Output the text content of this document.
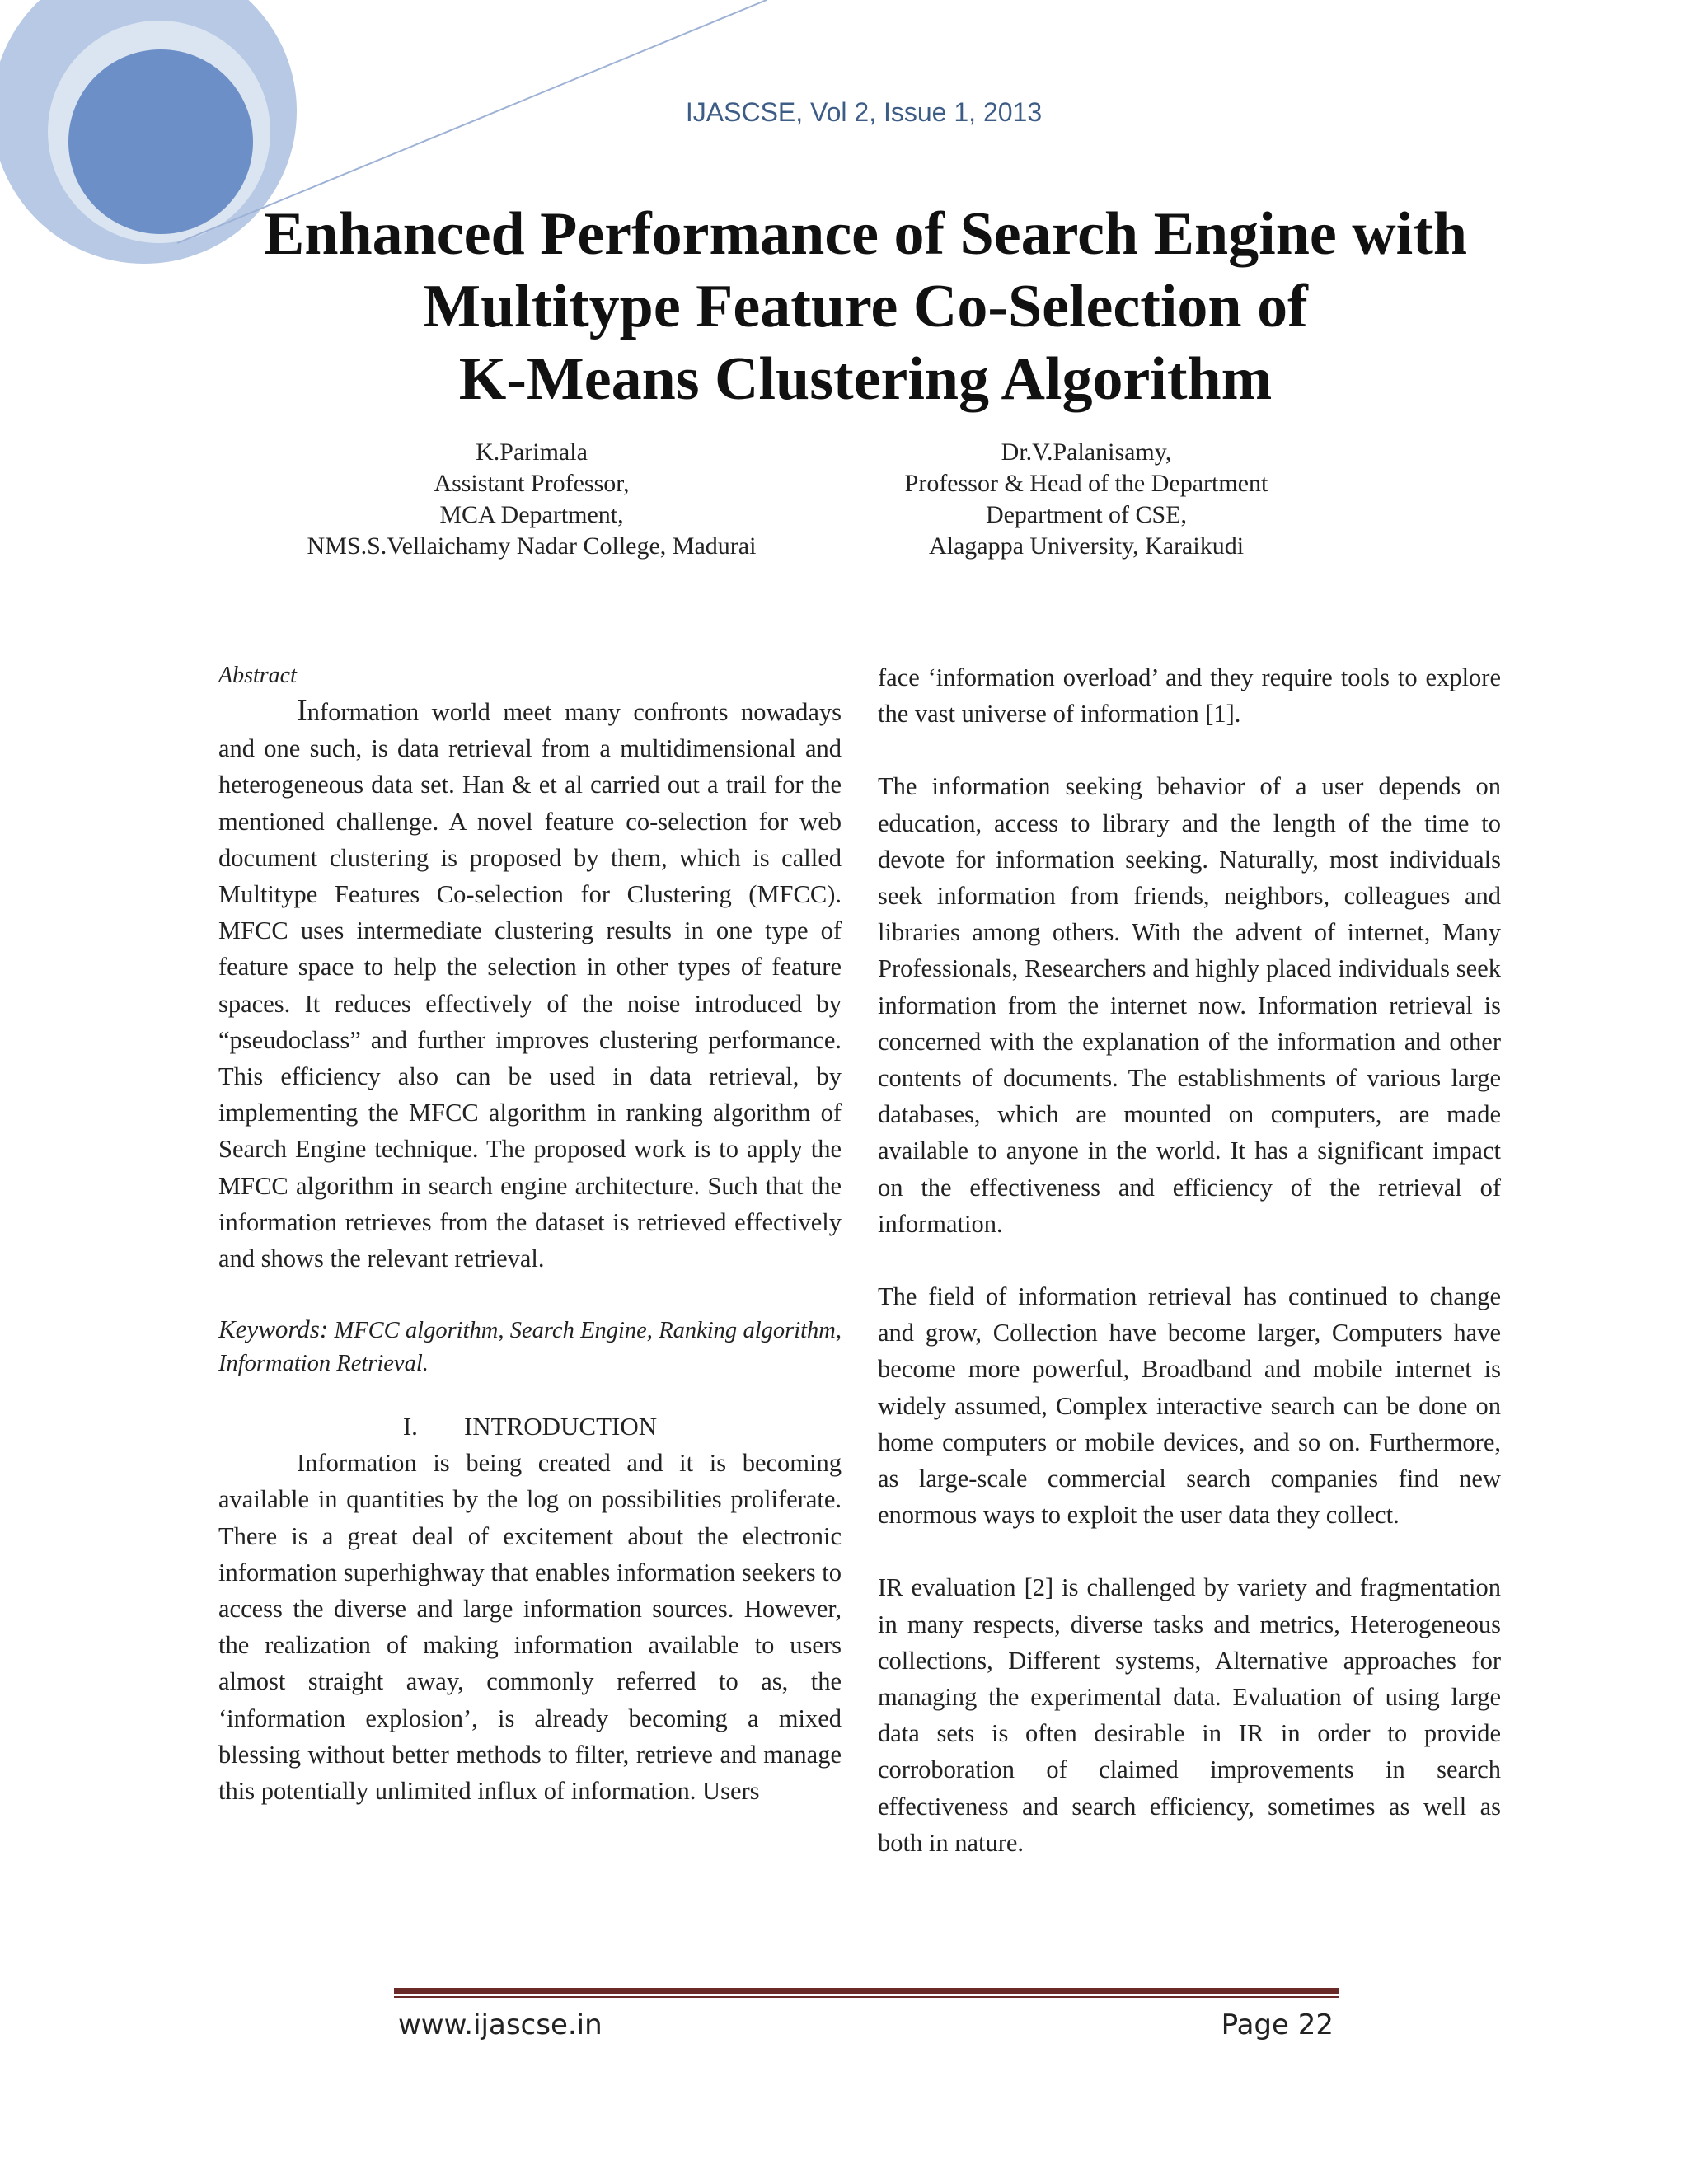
IJASCSE, Vol 2, Issue 1, 2013
Enhanced Performance of Search Engine with
Multitype Feature Co-Selection of
K-Means Clustering Algorithm
K.Parimala
Assistant Professor,
MCA Department,
NMS.S.Vellaichamy Nadar College, Madurai
Dr.V.Palanisamy,
Professor & Head of the Department
Department of CSE,
Alagappa University, Karaikudi
Abstract

Information world meet many confronts nowadays and one such, is data retrieval from a multidimensional and heterogeneous data set. Han & et al carried out a trail for the mentioned challenge. A novel feature co-selection for web document clustering is proposed by them, which is called Multitype Features Co-selection for Clustering (MFCC). MFCC uses intermediate clustering results in one type of feature space to help the selection in other types of feature spaces. It reduces effectively of the noise introduced by “pseudoclass” and further improves clustering performance. This efficiency also can be used in data retrieval, by implementing the MFCC algorithm in ranking algorithm of Search Engine technique. The proposed work is to apply the MFCC algorithm in search engine architecture. Such that the information retrieves from the dataset is retrieved effectively and shows the relevant retrieval.

Keywords: MFCC algorithm, Search Engine, Ranking algorithm, Information Retrieval.

I. INTRODUCTION

Information is being created and it is becoming available in quantities by the log on possibilities proliferate. There is a great deal of excitement about the electronic information superhighway that enables information seekers to access the diverse and large information sources. However, the realization of making information available to users almost straight away, commonly referred to as, the ‘information explosion’, is already becoming a mixed blessing without better methods to filter, retrieve and manage this potentially unlimited influx of information. Users

face ‘information overload’ and they require tools to explore the vast universe of information [1].

The information seeking behavior of a user depends on education, access to library and the length of the time to devote for information seeking. Naturally, most individuals seek information from friends, neighbors, colleagues and libraries among others. With the advent of internet, Many Professionals, Researchers and highly placed individuals seek information from the internet now. Information retrieval is concerned with the explanation of the information and other contents of documents. The establishments of various large databases, which are mounted on computers, are made available to anyone in the world. It has a significant impact on the effectiveness and efficiency of the retrieval of information.

The field of information retrieval has continued to change and grow, Collection have become larger, Computers have become more powerful, Broadband and mobile internet is widely assumed, Complex interactive search can be done on home computers or mobile devices, and so on. Furthermore, as large-scale commercial search companies find new enormous ways to exploit the user data they collect.

IR evaluation [2] is challenged by variety and fragmentation in many respects, diverse tasks and metrics, Heterogeneous collections, Different systems, Alternative approaches for managing the experimental data. Evaluation of using large data sets is often desirable in IR in order to provide corroboration of claimed improvements in search effectiveness and search efficiency, sometimes as well as both in nature.

www.ijascse.in	Page 22
